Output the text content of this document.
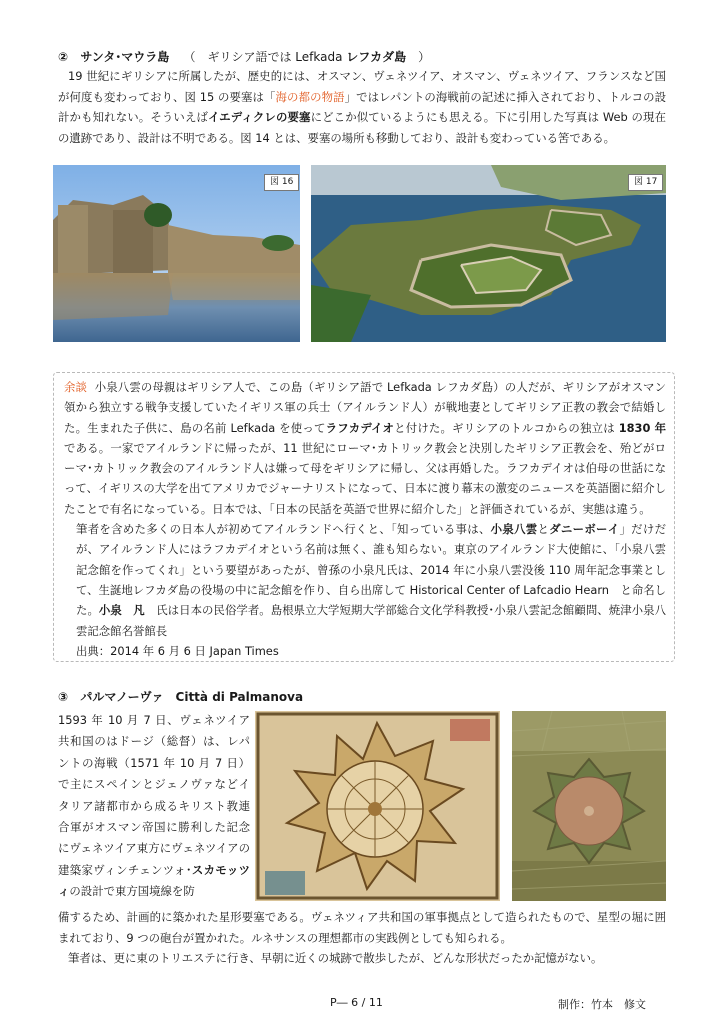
② サンタ･マウラ島 （　ギリシア語では Lefkada レフカダ島　）
19 世紀にギリシアに所属したが、歴史的には、オスマン、ヴェネツイア、オスマン、ヴェネツイア、フランスなど国が何度も変わっており、図 15 の要塞は「海の都の物語」ではレパントの海戦前の記述に挿入されており、トルコの設計かも知れない。そういえばイエディクレの要塞にどこか似ているようにも思える。下に引用した写真は Web の現在の遺跡であり、設計は不明である。図 14 とは、要塞の場所も移動しており、設計も変わっている筈である。
図 16	図 17
余談 小泉八雲の母親はギリシア人で、この島（ギリシア語で Lefkada レフカダ島）の人だが、ギリシアがオスマン領から独立する戦争支援していたイギリス軍の兵士（アイルランド人）が戦地妻としてギリシア正教の教会で結婚した。生まれた子供に、島の名前 Lefkada を使ってラフカデイオと付けた。ギリシアのトルコからの独立は 1830 年である。一家でアイルランドに帰ったが、11 世紀にローマ･カトリック教会と決別したギリシア正教会を、殆どがローマ･カトリック教会のアイルランド人は嫌って母をギリシアに帰し、父は再婚した。ラフカデイオは伯母の世話になって、イギリスの大学を出てアメリカでジャーナリストになって、日本に渡り幕末の激変のニュースを英語圏に紹介したことで有名になっている。日本では、「日本の民話を英語で世界に紹介した」と評価されているが、実態は違う。
筆者を含めた多くの日本人が初めてアイルランドへ行くと、「知っている事は、小泉八雲とダニーボーイ」だけだが、アイルランド人にはラフカデイオという名前は無く、誰も知らない。東京のアイルランド大使館に、「小泉八雲記念館を作ってくれ」という要望があったが、曾孫の小泉凡氏は、2014 年に小泉八雲没後 110 周年記念事業として、生誕地レフカダ島の役場の中に記念館を作り、自ら出席して Historical Center of Lafcadio Hearn　と命名した。小泉　凡　氏は日本の民俗学者。島根県立大学短期大学部総合文化学科教授･小泉八雲記念館顧問、焼津小泉八雲記念館名誉館長
出典：2014 年 6 月 6 日 Japan Times
③ パルマノーヴァ　Città di Palmanova
1593 年 10 月 7 日、ヴェネツイア共和国のはドージ（総督）は、レパントの海戦（1571 年 10 月 7 日）で主にスペインとジェノヴァなどイタリア諸都市から成るキリスト教連合軍がオスマン帝国に勝利した記念にヴェネツイア東方にヴェネツイアの建築家ヴィンチェンツォ･スカモッツィの設計で東方国境線を防
備するため、計画的に築かれた星形要塞である。ヴェネツィア共和国の軍事拠点として造られたもので、星型の堀に囲まれており、9 つの砲台が置かれた。ルネサンスの理想都市の実践例としても知られる。
筆者は、更に東のトリエステに行き、早朝に近くの城跡で散歩したが、どんな形状だったか記憶がない。
P― 6 / 11	制作：竹本　修文
